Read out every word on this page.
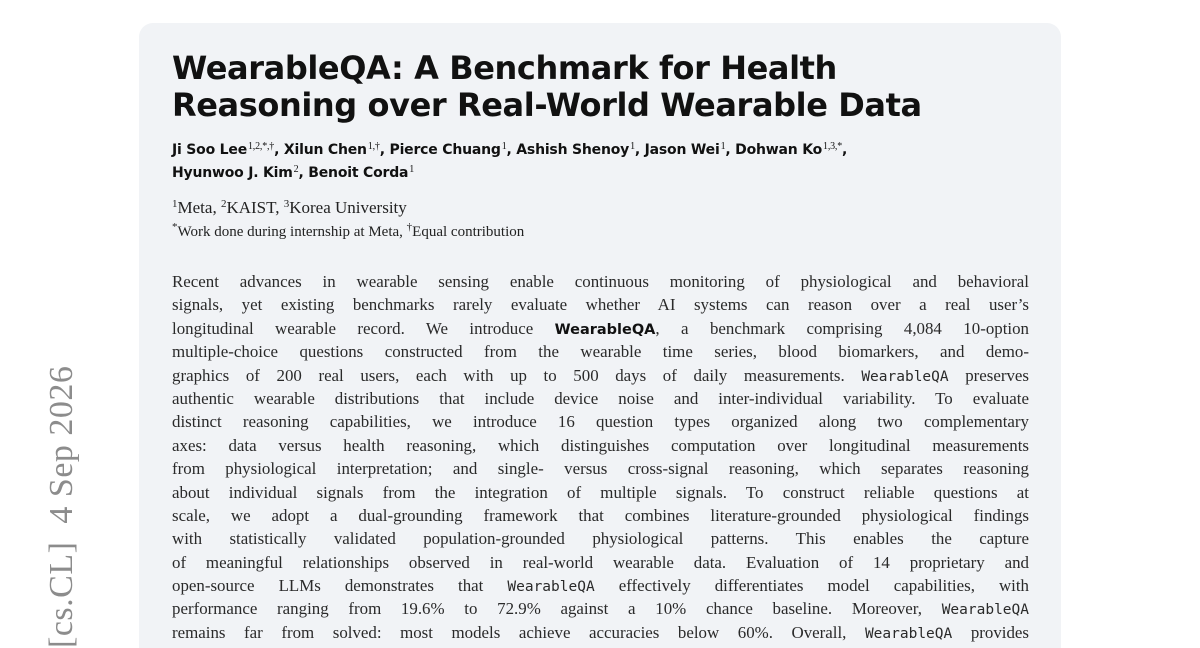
[cs.CL]4 Sep 2026
WearableQA: A Benchmark for Health Reasoning over Real-World Wearable Data
Ji Soo Lee$^{1,2,*,\dagger}$, Xilun Chen$^{1,\dagger}$, Pierce Chuang$^1$, Ashish Shenoy$^1$, Jason Wei$^1$, Dohwan $Ko^{1,3,*}$,
Hyunwoo J. Kim$^2$, Benoit Corda$^1$
$^1$Meta, $^2$KAIST, $^3$Korea University
*Work done during internship at Meta, †Equal contribution
Recent advances in wearable sensing enable continuous monitoring of physiological and behavioral
signals, yet existing benchmarks rarely evaluate whether AI systems can reason over a real user’s
longitudinal wearable record. We introduce WearableQA, a benchmark comprising 4,084 10-option
multiple-choice questions constructed from the wearable time series, blood biomarkers, and demo-
graphics of 200 real users, each with up to 500 days of daily measurements. WearableQA preserves
authentic wearable distributions that include device noise and inter-individual variability. To evaluate
distinct reasoning capabilities, we introduce 16 question types organized along two complementary
axes: data versus health reasoning, which distinguishes computation over longitudinal measurements
from physiological interpretation; and single- versus cross-signal reasoning, which separates reasoning
about individual signals from the integration of multiple signals. To construct reliable questions at
scale, we adopt a dual-grounding framework that combines literature-grounded physiological findings
with statistically validated population-grounded physiological patterns. This enables the capture
of meaningful relationships observed in real-world wearable data. Evaluation of 14 proprietary and
open-source LLMs demonstrates that WearableQA effectively differentiates model capabilities, with
performance ranging from 19.6% to 72.9% against a 10% chance baseline. Moreover, WearableQA
remains far from solved: most models achieve accuracies below 60%. Overall, WearableQA provides
